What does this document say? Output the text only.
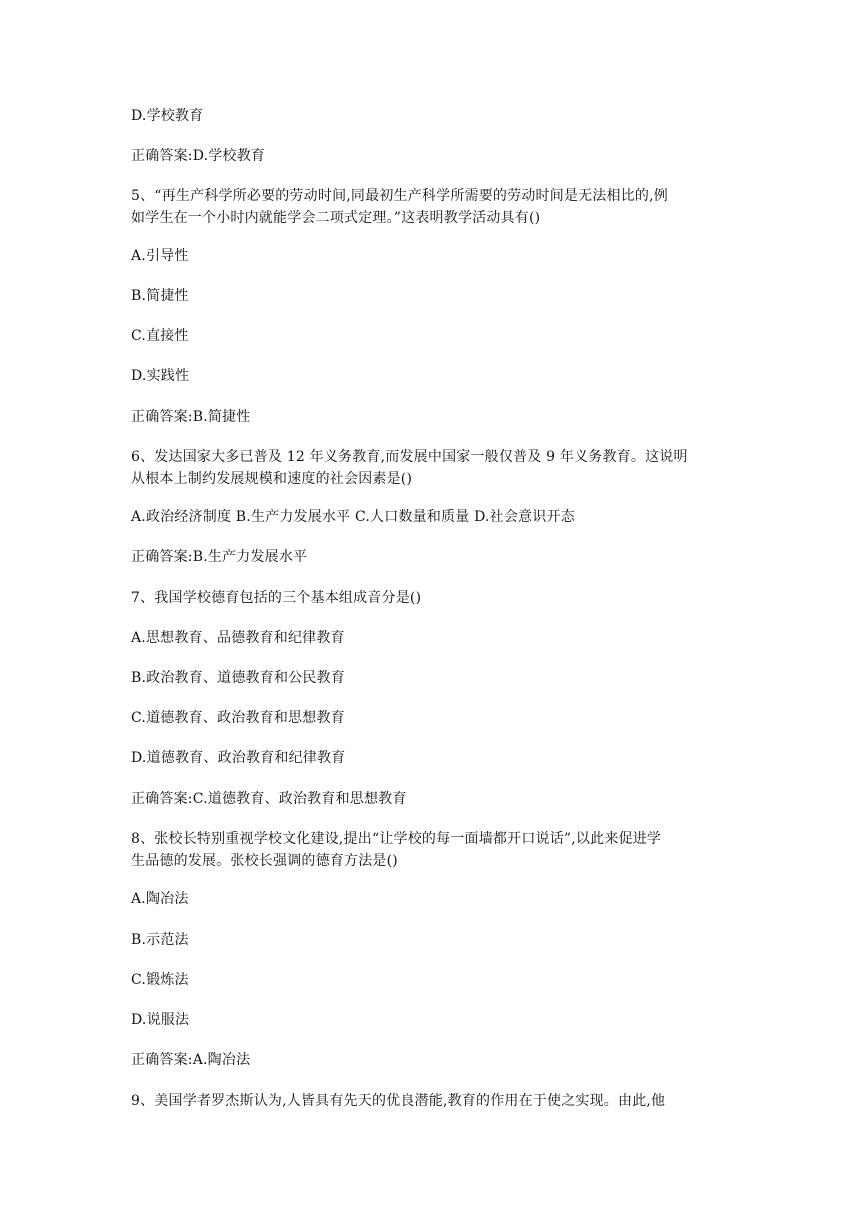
D.学校教育
正确答案:D.学校教育
5、“再生产科学所必要的劳动时间,同最初生产科学所需要的劳动时间是无法相比的,例
如学生在一个小时内就能学会二项式定理。”这表明教学活动具有()
A.引导性
B.简捷性
C.直接性
D.实践性
正确答案:B.简捷性
6、发达国家大多已普及 12 年义务教育,而发展中国家一般仅普及 9 年义务教育。这说明
从根本上制约发展规模和速度的社会因素是()
A.政治经济制度 B.生产力发展水平 C.人口数量和质量 D.社会意识开态
正确答案:B.生产力发展水平
7、我国学校德育包括的三个基本组成音分是()
A.思想教育、品德教育和纪律教育
B.政治教育、道德教育和公民教育
C.道德教育、政治教育和思想教育
D.道德教育、政治教育和纪律教育
正确答案:C.道德教育、政治教育和思想教育
8、张校长特别重视学校文化建设,提出“让学校的每一面墙都开口说话”,以此来促进学
生品德的发展。张校长强调的德育方法是()
A.陶冶法
B.示范法
C.锻炼法
D.说服法
正确答案:A.陶冶法
9、美国学者罗杰斯认为,人皆具有先天的优良潜能,教育的作用在于使之实现。由此,他
